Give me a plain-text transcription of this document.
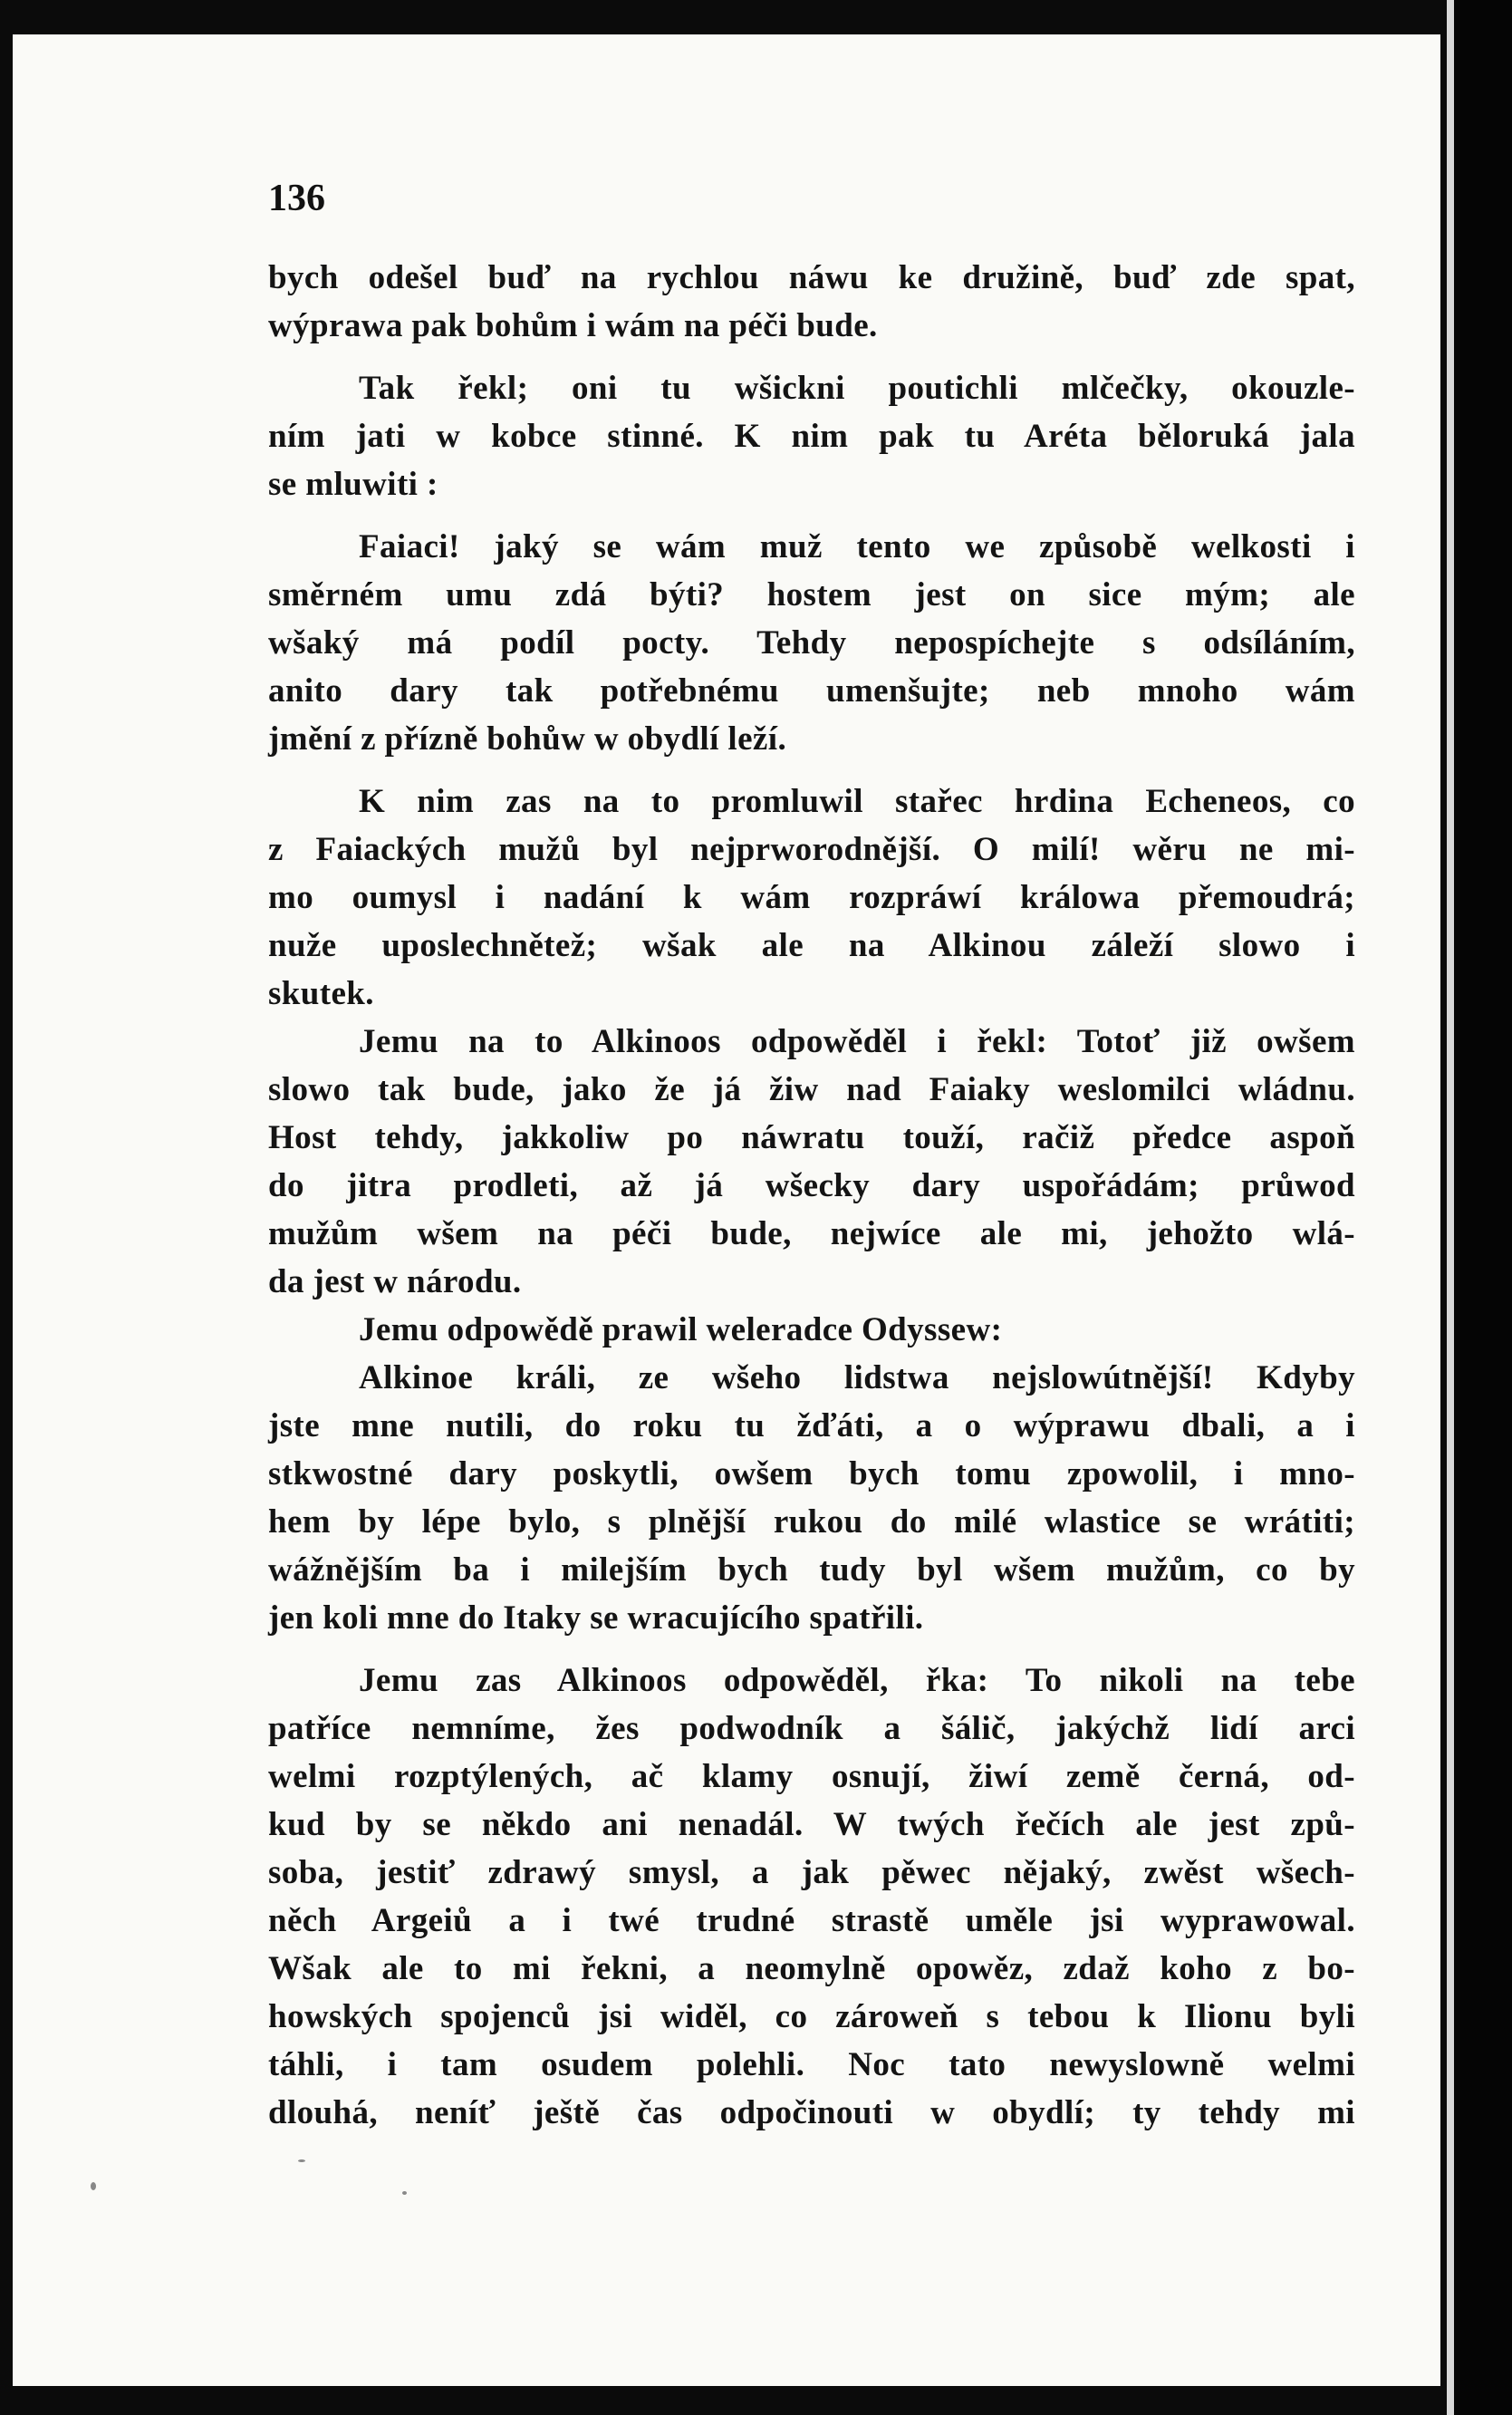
136
bych odešel buď na rychlou náwu ke družině, buď zde spat,
wýprawa pak bohům i wám na péči bude.
Tak řekl; oni tu wšickni poutichli mlčečky, okouzle-
ním jati w kobce stinné. K nim pak tu Aréta běloruká jala
se mluwiti :
Faiaci! jaký se wám muž tento we způsobě welkosti i
směrném umu zdá býti? hostem jest on sice mým; ale
wšaký má podíl pocty. Tehdy nepospíchejte s odsíláním,
anito dary tak potřebnému umenšujte; neb mnoho wám
jmění z přízně bohůw w obydlí leží.
K nim zas na to promluwil stařec hrdina Echeneos, co
z Faiackých mužů byl nejprworodnější. O milí! wěru ne mi-
mo oumysl i nadání k wám rozpráwí králowa přemoudrá;
nuže uposlechnětež; wšak ale na Alkinou záleží slowo i
skutek.
Jemu na to Alkinoos odpowěděl i řekl: Totoť již owšem
slowo tak bude, jako že já žiw nad Faiaky weslomilci wládnu.
Host tehdy, jakkoliw po náwratu touží, račiž předce aspoň
do jitra prodleti, až já wšecky dary uspořádám; průwod
mužům wšem na péči bude, nejwíce ale mi, jehožto wlá-
da jest w národu.
Jemu odpowědě prawil weleradce Odyssew:
Alkinoe králi, ze wšeho lidstwa nejslowútnější! Kdyby
jste mne nutili, do roku tu žďáti, a o wýprawu dbali, a i
stkwostné dary poskytli, owšem bych tomu zpowolil, i mno-
hem by lépe bylo, s plnější rukou do milé wlastice se wrátiti;
wážnějším ba i milejším bych tudy byl wšem mužům, co by
jen koli mne do Itaky se wracujícího spatřili.
Jemu zas Alkinoos odpowěděl, řka: To nikoli na tebe
patříce nemníme, žes podwodník a šálič, jakýchž lidí arci
welmi rozptýlených, ač klamy osnují, žiwí země černá, od-
kud by se někdo ani nenadál. W twých řečích ale jest způ-
soba, jestiť zdrawý smysl, a jak pěwec nějaký, zwěst wšech-
něch Argeiů a i twé trudné strastě uměle jsi wyprawowal.
Wšak ale to mi řekni, a neomylně opowěz, zdaž koho z bo-
howských spojenců jsi widěl, co zároweň s tebou k Ilionu byli
táhli, i tam osudem polehli. Noc tato newyslowně welmi
dlouhá, neníť ještě čas odpočinouti w obydlí; ty tehdy mi
